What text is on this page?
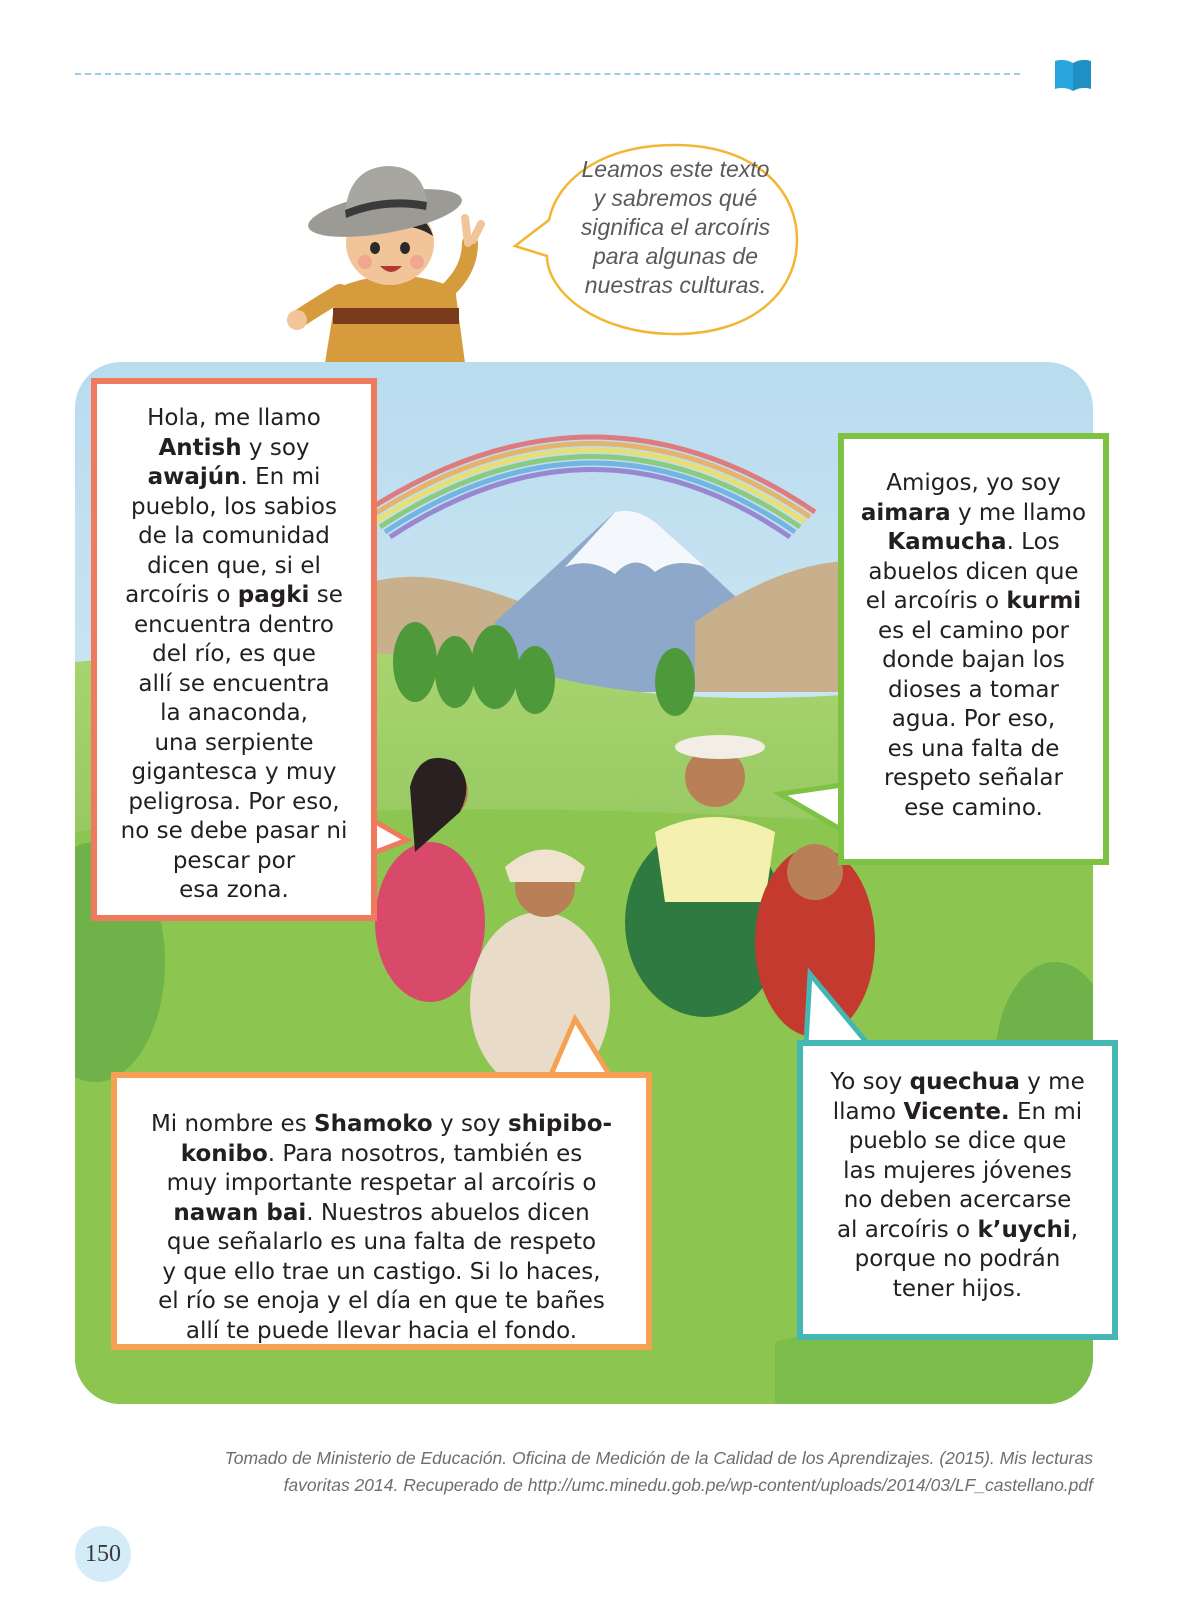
Leamos este texto
y sabremos qué
significa el arcoíris
para algunas de
nuestras culturas.

Hola, me llamo
Antish y soy
awajún. En mi
pueblo, los sabios
de la comunidad
dicen que, si el
arcoíris o pagki se
encuentra dentro
del río, es que
allí se encuentra
la anaconda,
una serpiente
gigantesca y muy
peligrosa. Por eso,
no se debe pasar ni
pescar por
esa zona.
Amigos, yo soy
aimara y me llamo
Kamucha. Los
abuelos dicen que
el arcoíris o kurmi
es el camino por
donde bajan los
dioses a tomar
agua. Por eso,
es una falta de
respeto señalar
ese camino.
Mi nombre es Shamoko y soy shipibo-
konibo. Para nosotros, también es
muy importante respetar al arcoíris o
nawan bai. Nuestros abuelos dicen
que señalarlo es una falta de respeto
y que ello trae un castigo. Si lo haces,
el río se enoja y el día en que te bañes
allí te puede llevar hacia el fondo.
Yo soy quechua y me
llamo Vicente. En mi
pueblo se dice que
las mujeres jóvenes
no deben acercarse
al arcoíris o k’uychi,
porque no podrán
tener hijos.
Tomado de Ministerio de Educación. Oficina de Medición de la Calidad de los Aprendizajes. (2015). Mis lecturas
favoritas 2014. Recuperado de http://umc.minedu.gob.pe/wp-content/uploads/2014/03/LF_castellano.pdf
150
